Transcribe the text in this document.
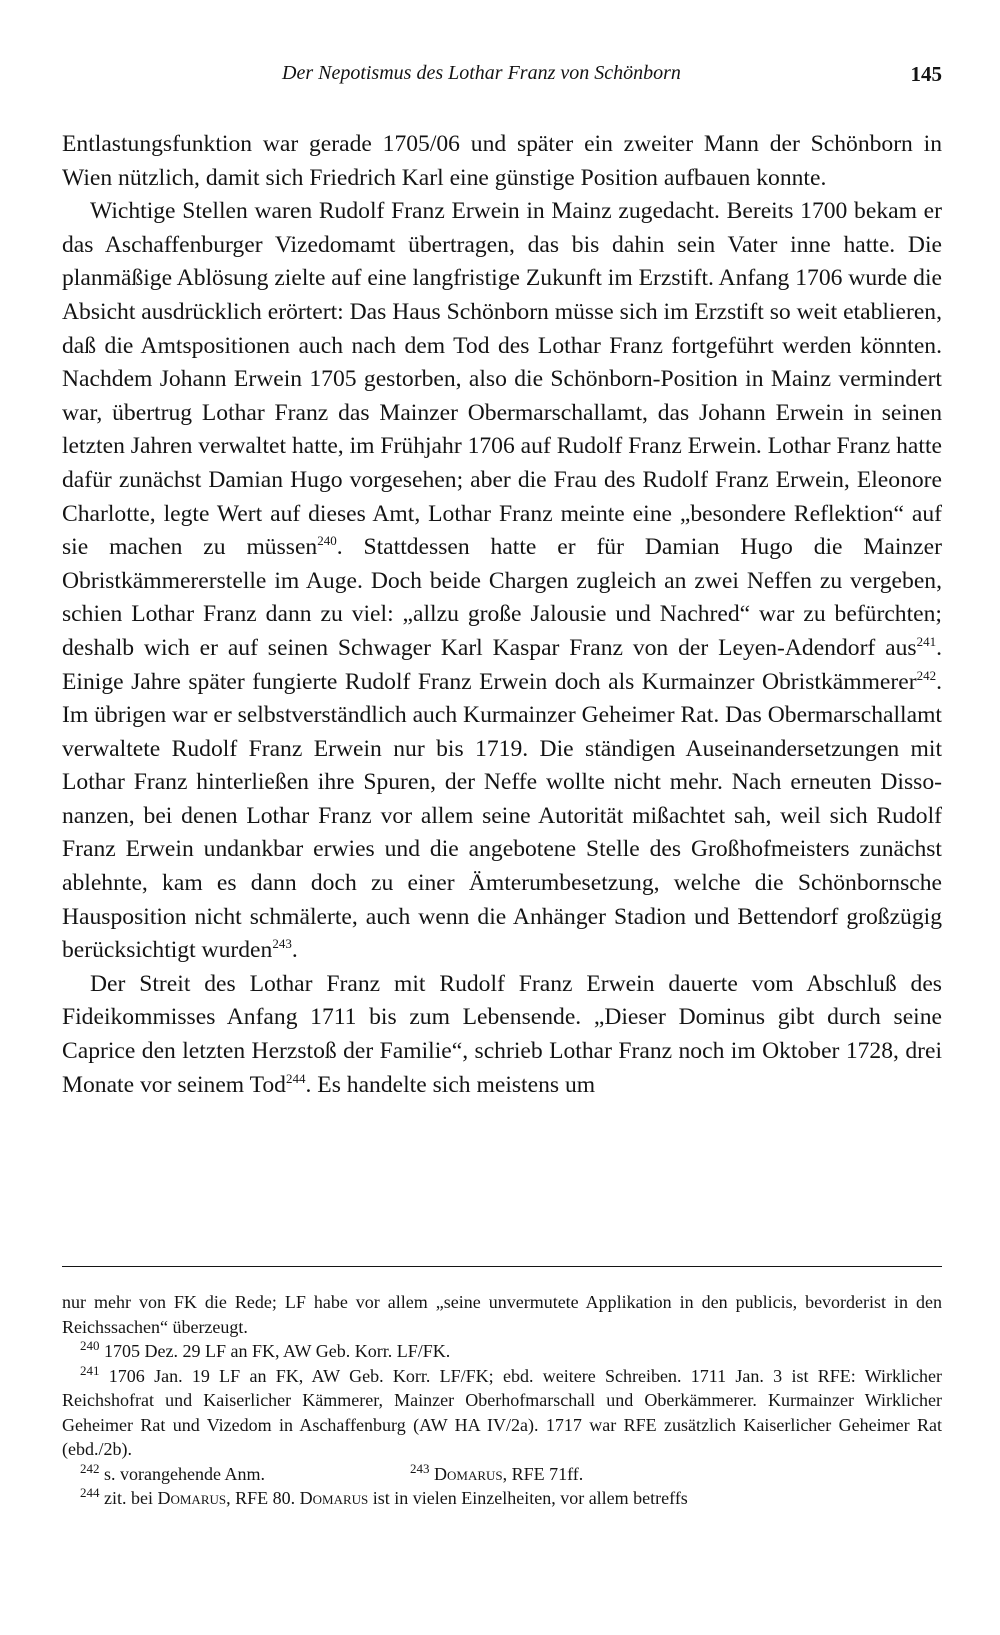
Der Nepotismus des Lothar Franz von Schönborn	145

Entlastungsfunktion war gerade 1705/06 und später ein zweiter Mann der Schönborn in Wien nützlich, damit sich Friedrich Karl eine günstige Position aufbauen konnte.

Wichtige Stellen waren Rudolf Franz Erwein in Mainz zugedacht. Bereits 1700 bekam er das Aschaffenburger Vizedomamt übertragen, das bis dahin sein Vater inne hatte. Die planmäßige Ablösung zielte auf eine langfristige Zukunft im Erzstift. Anfang 1706 wurde die Absicht ausdrücklich erörtert: Das Haus Schönborn müsse sich im Erzstift so weit etablieren, daß die Amtspositionen auch nach dem Tod des Lothar Franz fortgeführt werden könnten. Nachdem Johann Erwein 1705 gestorben, also die Schönborn-Position in Mainz vermindert war, übertrug Lothar Franz das Mainzer Obermarschallamt, das Johann Erwein in seinen letzten Jahren verwaltet hatte, im Frühjahr 1706 auf Rudolf Franz Erwein. Lothar Franz hatte dafür zunächst Damian Hugo vorgesehen; aber die Frau des Rudolf Franz Erwein, Eleonore Charlotte, legte Wert auf dieses Amt, Lothar Franz meinte eine „besondere Reflektion“ auf sie machen zu müssen$^{240}$. Stattdessen hatte er für Damian Hugo die Mainzer Obristkämmererstelle im Auge. Doch beide Chargen zugleich an zwei Neffen zu vergeben, schien Lothar Franz dann zu viel: „allzu große Jalousie und Nachred“ war zu befürchten; deshalb wich er auf seinen Schwager Karl Kaspar Franz von der Leyen-Adendorf aus$^{241}$. Einige Jahre später fungierte Rudolf Franz Erwein doch als Kurmainzer Obristkämmerer$^{242}$. Im übrigen war er selbstverständlich auch Kurmainzer Geheimer Rat. Das Obermarschallamt verwaltete Rudolf Franz Erwein nur bis 1719. Die ständigen Auseinandersetzungen mit Lothar Franz hinterließen ihre Spuren, der Neffe wollte nicht mehr. Nach erneuten Dissonanzen, bei denen Lothar Franz vor allem seine Autorität mißachtet sah, weil sich Rudolf Franz Erwein undankbar erwies und die angebotene Stelle des Großhofmeisters zunächst ablehnte, kam es dann doch zu einer Ämterumbesetzung, welche die Schönbornsche Hausposition nicht schmälerte, auch wenn die Anhänger Stadion und Bettendorf großzügig berücksichtigt wurden$^{243}$.

Der Streit des Lothar Franz mit Rudolf Franz Erwein dauerte vom Abschluß des Fideikommisses Anfang 1711 bis zum Lebensende. „Dieser Dominus gibt durch seine Caprice den letzten Herzstoß der Familie“, schrieb Lothar Franz noch im Oktober 1728, drei Monate vor seinem Tod$^{244}$. Es handelte sich meistens um

nur mehr von FK die Rede; LF habe vor allem „seine unvermutete Applikation in den publicis, bevorderist in den Reichssachen“ überzeugt.

$^{240}$ 1705 Dez. 29 LF an FK, AW Geb. Korr. LF/FK.

$^{241}$ 1706 Jan. 19 LF an FK, AW Geb. Korr. LF/FK; ebd. weitere Schreiben. 1711 Jan. 3 ist RFE: Wirklicher Reichshofrat und Kaiserlicher Kämmerer, Mainzer Oberhofmarschall und Oberkämmerer. Kurmainzer Wirklicher Geheimer Rat und Vizedom in Aschaffenburg (AW HA IV/2a). 1717 war RFE zusätzlich Kaiserlicher Geheimer Rat (ebd./2b).

$^{242}$ s. vorangehende Anm.	$^{243}$ Domarus, RFE 71ff.

$^{244}$ zit. bei Domarus, RFE 80. Domarus ist in vielen Einzelheiten, vor allem betreffs
